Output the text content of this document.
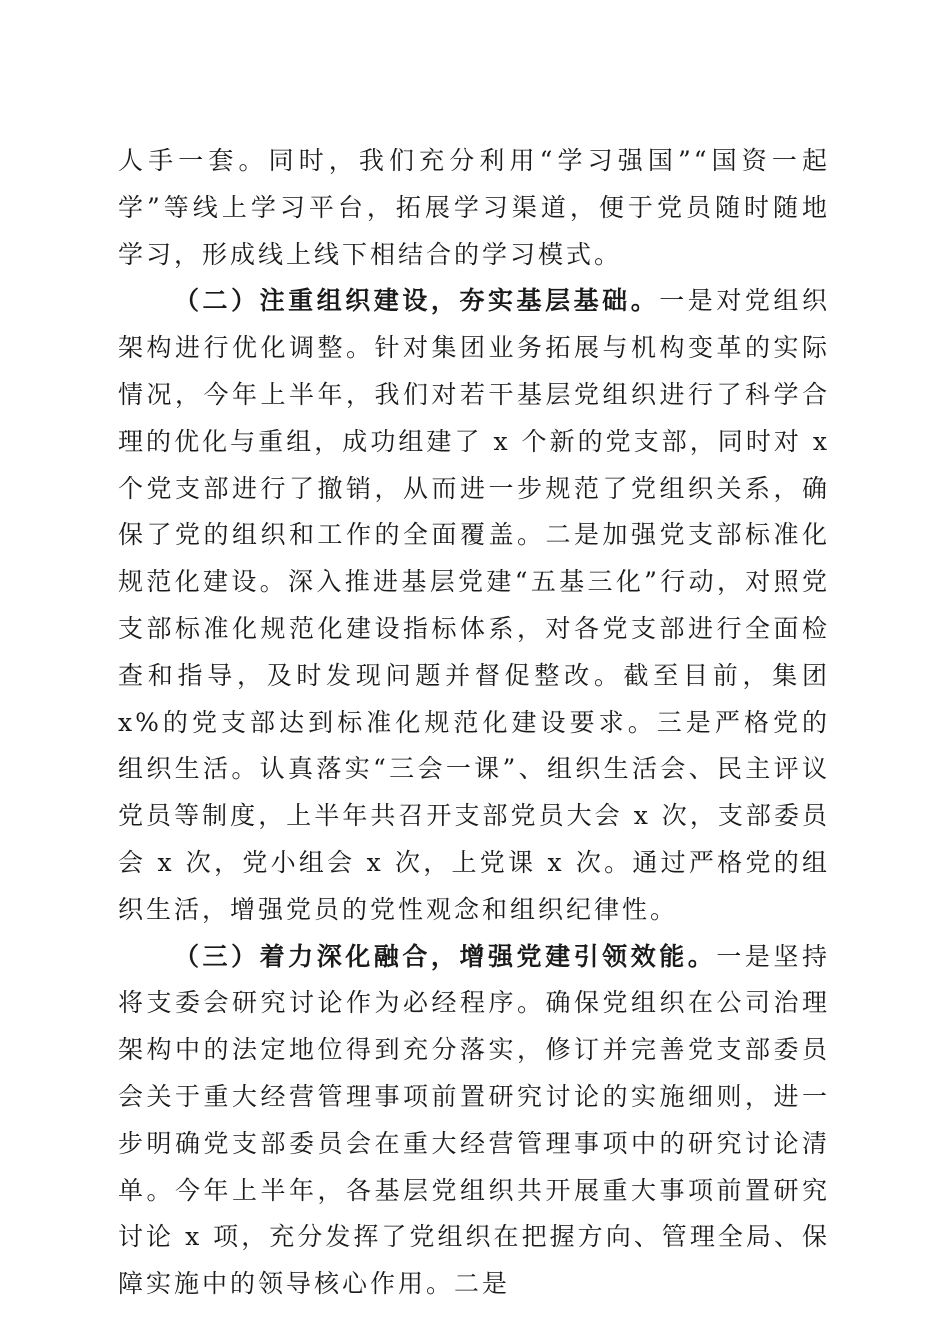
人手一套。同时，我们充分利用“学习强国”“国资一起学”等线上学习平台，拓展学习渠道，便于党员随时随地学习，形成线上线下相结合的学习模式。

（二）注重组织建设，夯实基层基础。一是对党组织架构进行优化调整。针对集团业务拓展与机构变革的实际情况，今年上半年，我们对若干基层党组织进行了科学合理的优化与重组，成功组建了 x 个新的党支部，同时对 x 个党支部进行了撤销，从而进一步规范了党组织关系，确保了党的组织和工作的全面覆盖。二是加强党支部标准化规范化建设。深入推进基层党建“五基三化”行动，对照党支部标准化规范化建设指标体系，对各党支部进行全面检查和指导，及时发现问题并督促整改。截至目前，集团 x%的党支部达到标准化规范化建设要求。三是严格党的组织生活。认真落实“三会一课”、组织生活会、民主评议党员等制度，上半年共召开支部党员大会 x 次，支部委员会 x 次，党小组会 x 次，上党课 x 次。通过严格党的组织生活，增强党员的党性观念和组织纪律性。

（三）着力深化融合，增强党建引领效能。一是坚持将支委会研究讨论作为必经程序。确保党组织在公司治理架构中的法定地位得到充分落实，修订并完善党支部委员会关于重大经营管理事项前置研究讨论的实施细则，进一步明确党支部委员会在重大经营管理事项中的研究讨论清单。今年上半年，各基层党组织共开展重大事项前置研究讨论 x 项，充分发挥了党组织在把握方向、管理全局、保障实施中的领导核心作用。二是
